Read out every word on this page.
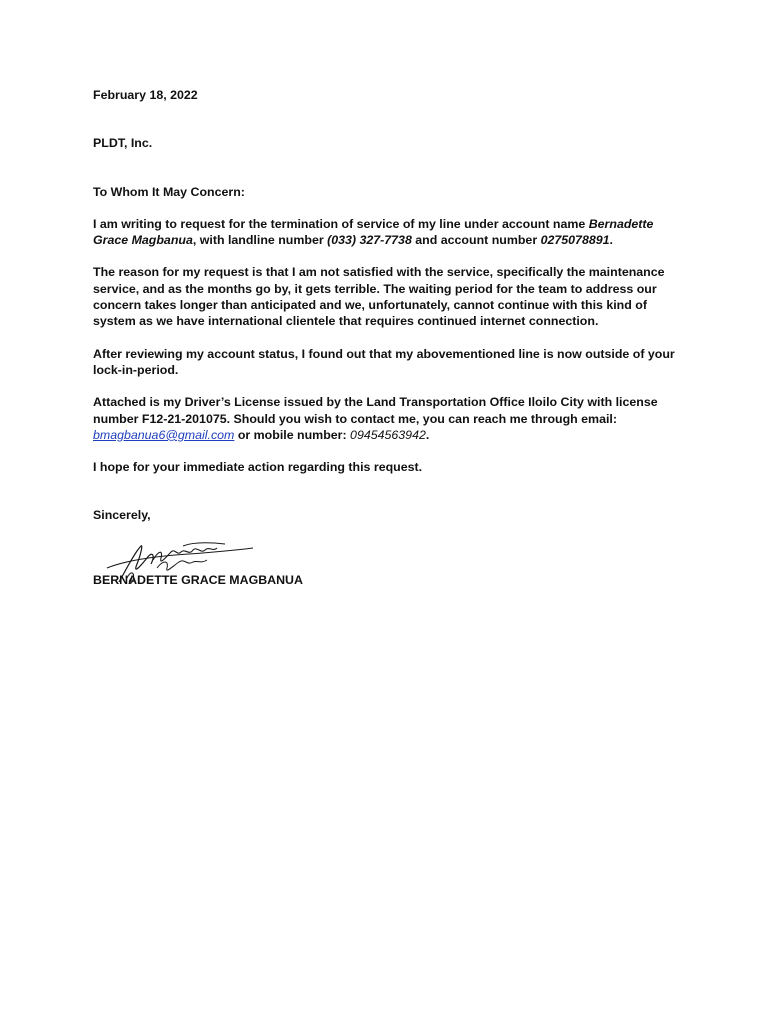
February 18, 2022

PLDT, Inc.

To Whom It May Concern:

I am writing to request for the termination of service of my line under account name Bernadette Grace Magbanua, with landline number (033) 327-7738 and account number 0275078891.

The reason for my request is that I am not satisfied with the service, specifically the maintenance service, and as the months go by, it gets terrible. The waiting period for the team to address our concern takes longer than anticipated and we, unfortunately, cannot continue with this kind of system as we have international clientele that requires continued internet connection.

After reviewing my account status, I found out that my abovementioned line is now outside of your lock-in-period.

Attached is my Driver’s License issued by the Land Transportation Office Iloilo City with license number F12-21-201075. Should you wish to contact me, you can reach me through email: bmagbanua6@gmail.com or mobile number: 09454563942.

I hope for your immediate action regarding this request.

Sincerely,

BERNADETTE GRACE MAGBANUA
